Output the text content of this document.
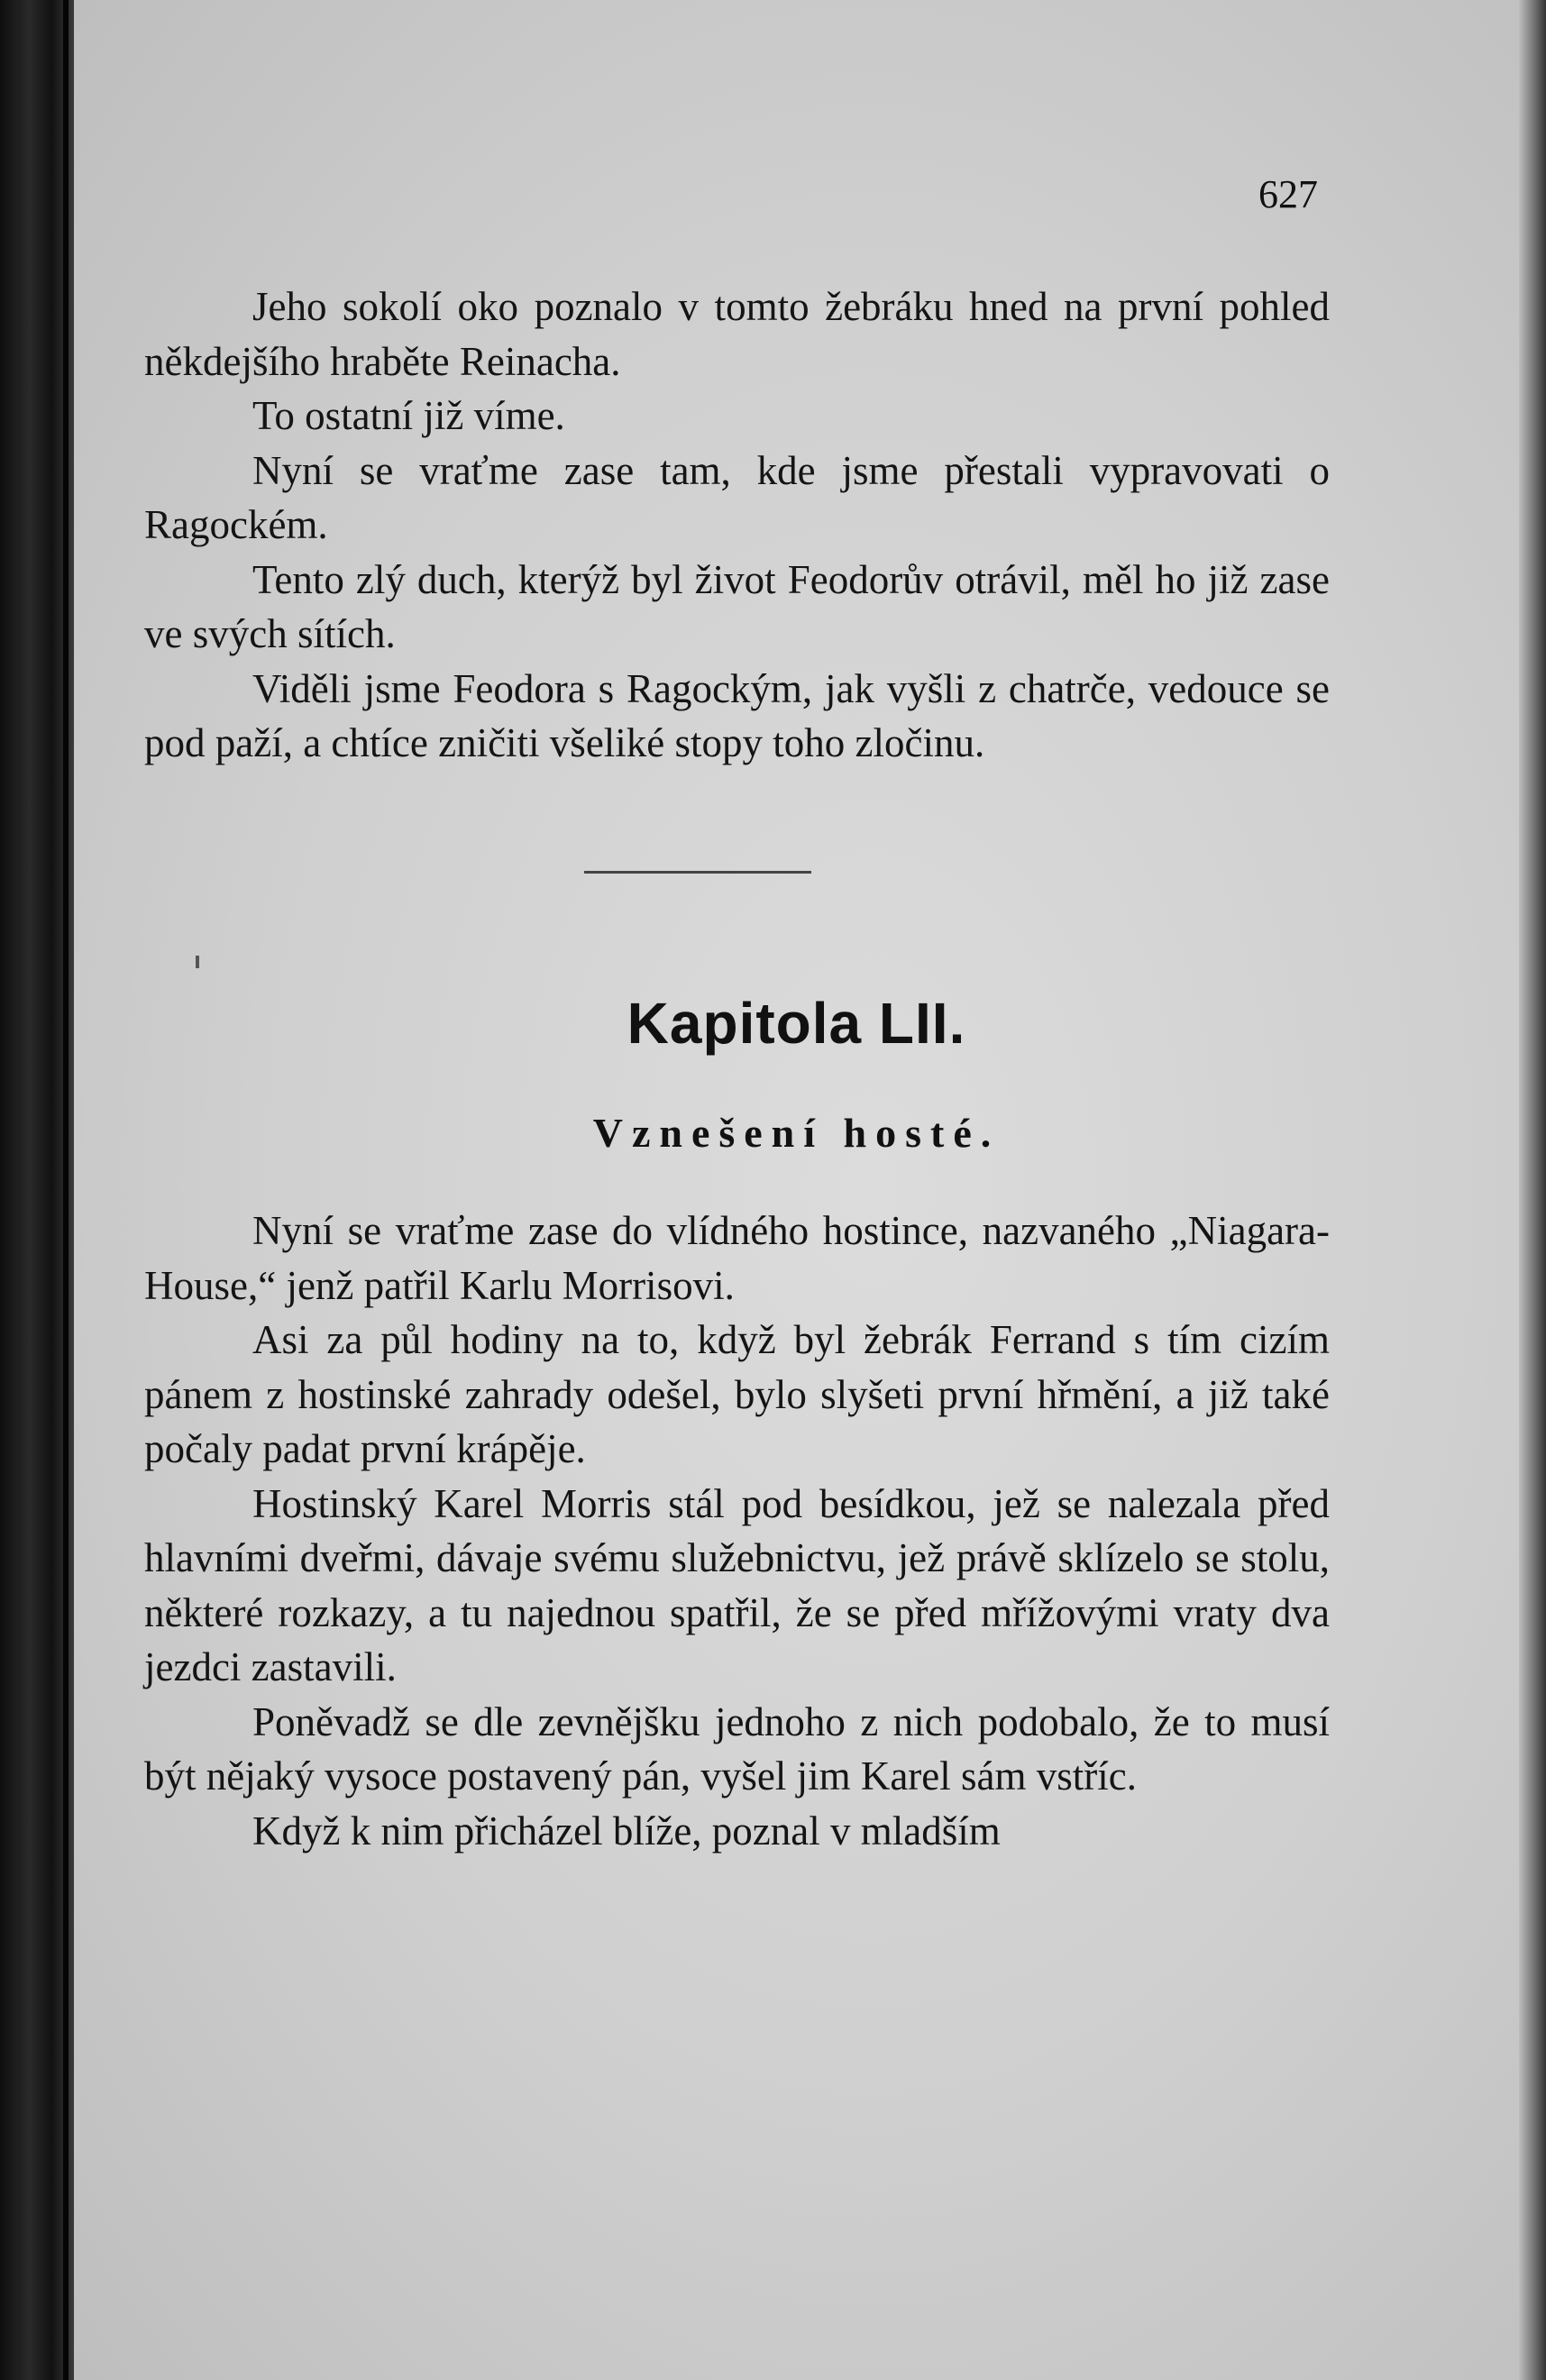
627

Jeho sokolí oko poznalo v tomto žebráku hned na první pohled někdejšího hraběte Reinacha.

To ostatní již víme.

Nyní se vraťme zase tam, kde jsme přestali vypravovati o Ragockém.

Tento zlý duch, kterýž byl život Feodorův otrávil, měl ho již zase ve svých sítích.

Viděli jsme Feodora s Ragockým, jak vyšli z chatrče, vedouce se pod paží, a chtíce zničiti všeliké stopy toho zločinu.

Kapitola LII.
Vznešení hosté.

Nyní se vraťme zase do vlídného hostince, nazvaného „Niagara-House,“ jenž patřil Karlu Morrisovi.

Asi za půl hodiny na to, když byl žebrák Ferrand s tím cizím pánem z hostinské zahrady odešel, bylo slyšeti první hřmění, a již také počaly padat první krápěje.

Hostinský Karel Morris stál pod besídkou, jež se nalezala před hlavními dveřmi, dávaje svému služebnictvu, jež právě sklízelo se stolu, některé rozkazy, a tu najednou spatřil, že se před mřížovými vraty dva jezdci zastavili.

Poněvadž se dle zevnějšku jednoho z nich podobalo, že to musí být nějaký vysoce postavený pán, vyšel jim Karel sám vstříc.

Když k nim přicházel blíže, poznal v mladším
